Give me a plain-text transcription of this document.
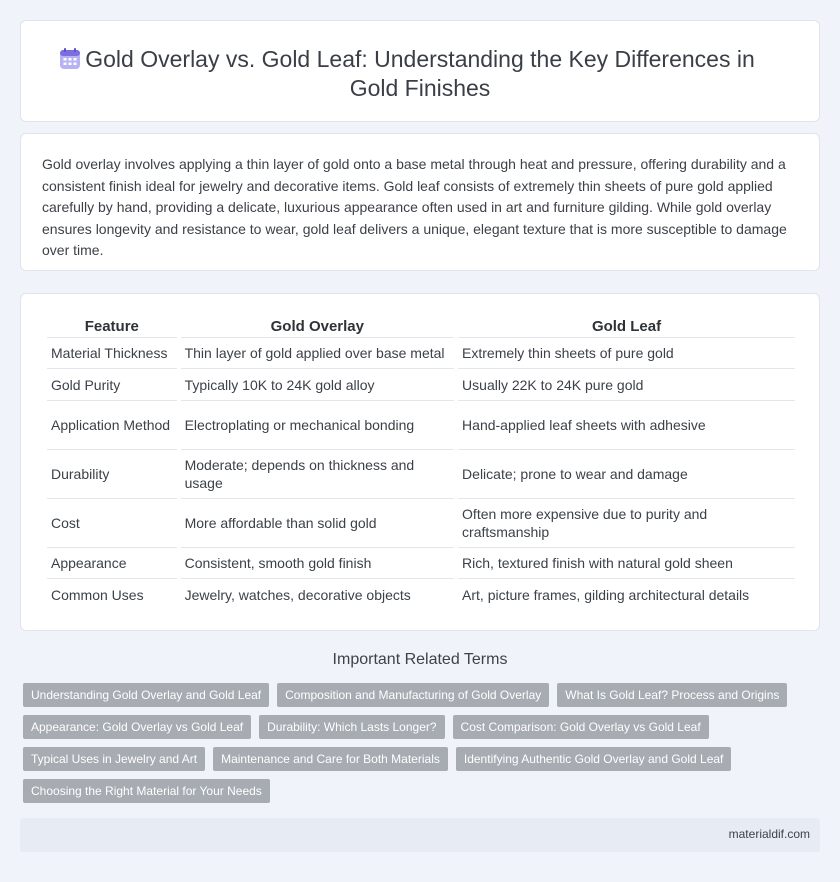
Gold Overlay vs. Gold Leaf: Understanding the Key Differences in Gold Finishes

Gold overlay involves applying a thin layer of gold onto a base metal through heat and pressure, offering durability and a consistent finish ideal for jewelry and decorative items. Gold leaf consists of extremely thin sheets of pure gold applied carefully by hand, providing a delicate, luxurious appearance often used in art and furniture gilding. While gold overlay ensures longevity and resistance to wear, gold leaf delivers a unique, elegant texture that is more susceptible to damage over time.

Feature	Gold Overlay	Gold Leaf
Material Thickness	Thin layer of gold applied over base metal	Extremely thin sheets of pure gold
Gold Purity	Typically 10K to 24K gold alloy	Usually 22K to 24K pure gold
Application Method	Electroplating or mechanical bonding	Hand-applied leaf sheets with adhesive
Durability	Moderate; depends on thickness and usage	Delicate; prone to wear and damage
Cost	More affordable than solid gold	Often more expensive due to purity and craftsmanship
Appearance	Consistent, smooth gold finish	Rich, textured finish with natural gold sheen
Common Uses	Jewelry, watches, decorative objects	Art, picture frames, gilding architectural details
Important Related Terms
Understanding Gold Overlay and Gold Leaf	Composition and Manufacturing of Gold Overlay	What Is Gold Leaf? Process and Origins
Appearance: Gold Overlay vs Gold Leaf	Durability: Which Lasts Longer?	Cost Comparison: Gold Overlay vs Gold Leaf
Typical Uses in Jewelry and Art	Maintenance and Care for Both Materials	Identifying Authentic Gold Overlay and Gold Leaf
Choosing the Right Material for Your Needs
materialdif.com
